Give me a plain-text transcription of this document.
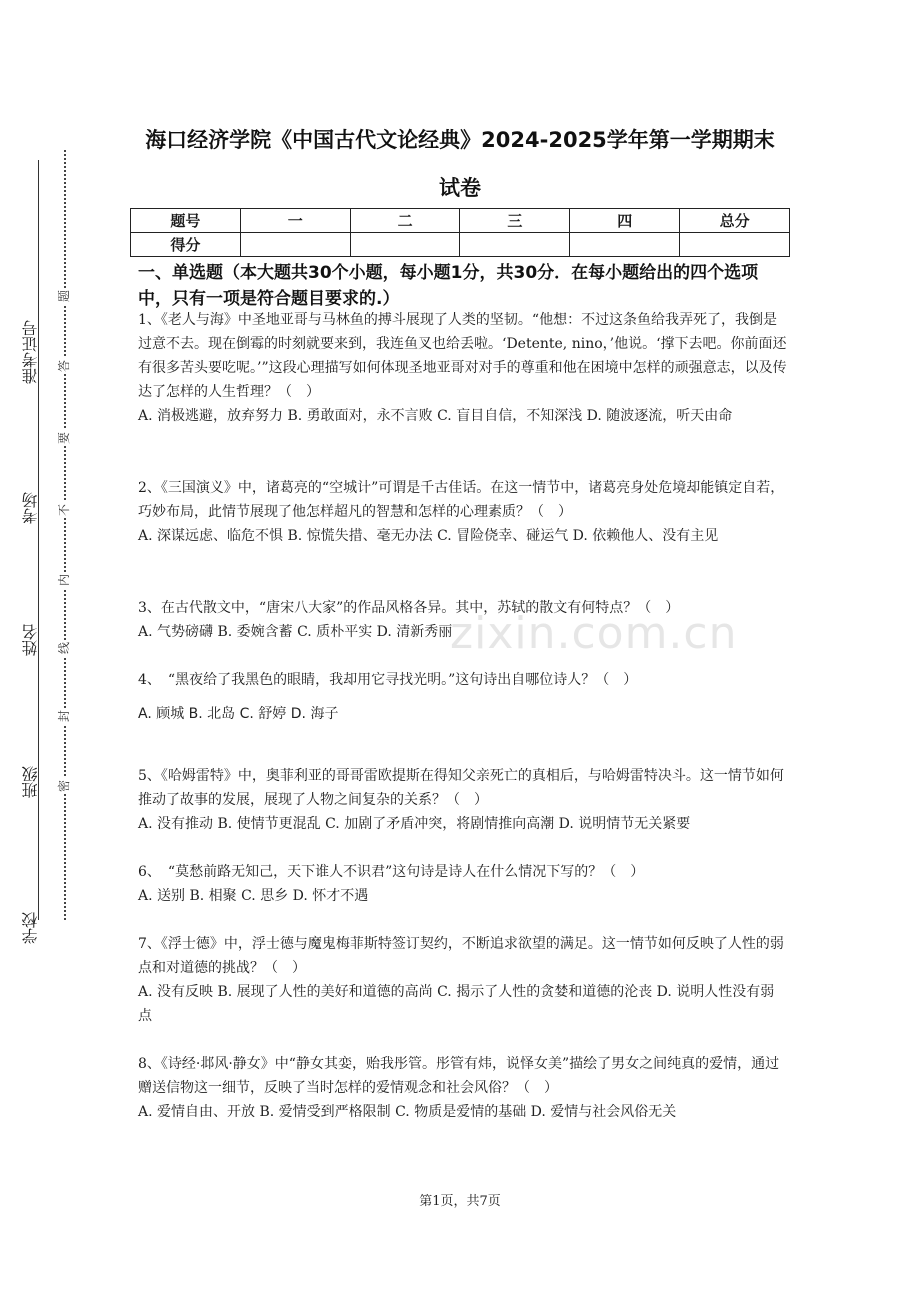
准考证号
考场
姓名
班级
学校
题
答
要
不
内
线
封
密
海口经济学院《中国古代文论经典》2024-2025学年第一学期期末
试卷
题号	一	二	三	四	总分
得分					
一、单选题（本大题共30个小题，每小题1分，共30分．在每小题给出的四个选项中，只有一项是符合题目要求的.）
zixin.com.cn

1、《老人与海》中圣地亚哥与马林鱼的搏斗展现了人类的坚韧。“他想：不过这条鱼给我弄死了，我倒是过意不去。现在倒霉的时刻就要来到，我连鱼叉也给丢啦。‘Detente, nino，’他说。‘撑下去吧。你前面还有很多苦头要吃呢。’”这段心理描写如何体现圣地亚哥对对手的尊重和他在困境中怎样的顽强意志，以及传达了怎样的人生哲理？（　）

A. 消极逃避，放弃努力 B. 勇敢面对，永不言败 C. 盲目自信，不知深浅 D. 随波逐流，听天由命

2、《三国演义》中，诸葛亮的“空城计”可谓是千古佳话。在这一情节中，诸葛亮身处危境却能镇定自若，巧妙布局，此情节展现了他怎样超凡的智慧和怎样的心理素质？（　）

A. 深谋远虑、临危不惧 B. 惊慌失措、毫无办法 C. 冒险侥幸、碰运气 D. 依赖他人、没有主见

3、在古代散文中，“唐宋八大家”的作品风格各异。其中，苏轼的散文有何特点？（　）

A. 气势磅礴 B. 委婉含蓄 C. 质朴平实 D. 清新秀丽

4、　“黑夜给了我黑色的眼睛，我却用它寻找光明。”这句诗出自哪位诗人？（　）

A. 顾城 B. 北岛 C. 舒婷 D. 海子

5、《哈姆雷特》中，奥菲利亚的哥哥雷欧提斯在得知父亲死亡的真相后，与哈姆雷特决斗。这一情节如何推动了故事的发展，展现了人物之间复杂的关系？（　）

A. 没有推动 B. 使情节更混乱 C. 加剧了矛盾冲突，将剧情推向高潮 D. 说明情节无关紧要

6、　“莫愁前路无知己，天下谁人不识君”这句诗是诗人在什么情况下写的？（　）

A. 送别 B. 相聚 C. 思乡 D. 怀才不遇

7、《浮士德》中，浮士德与魔鬼梅菲斯特签订契约，不断追求欲望的满足。这一情节如何反映了人性的弱点和对道德的挑战？（　）

A. 没有反映 B. 展现了人性的美好和道德的高尚 C. 揭示了人性的贪婪和道德的沦丧 D. 说明人性没有弱点

8、《诗经·邶风·静女》中“静女其娈，贻我彤管。彤管有炜，说怿女美”描绘了男女之间纯真的爱情，通过赠送信物这一细节，反映了当时怎样的爱情观念和社会风俗？（　）

A. 爱情自由、开放 B. 爱情受到严格限制 C. 物质是爱情的基础 D. 爱情与社会风俗无关

第1页，共7页
